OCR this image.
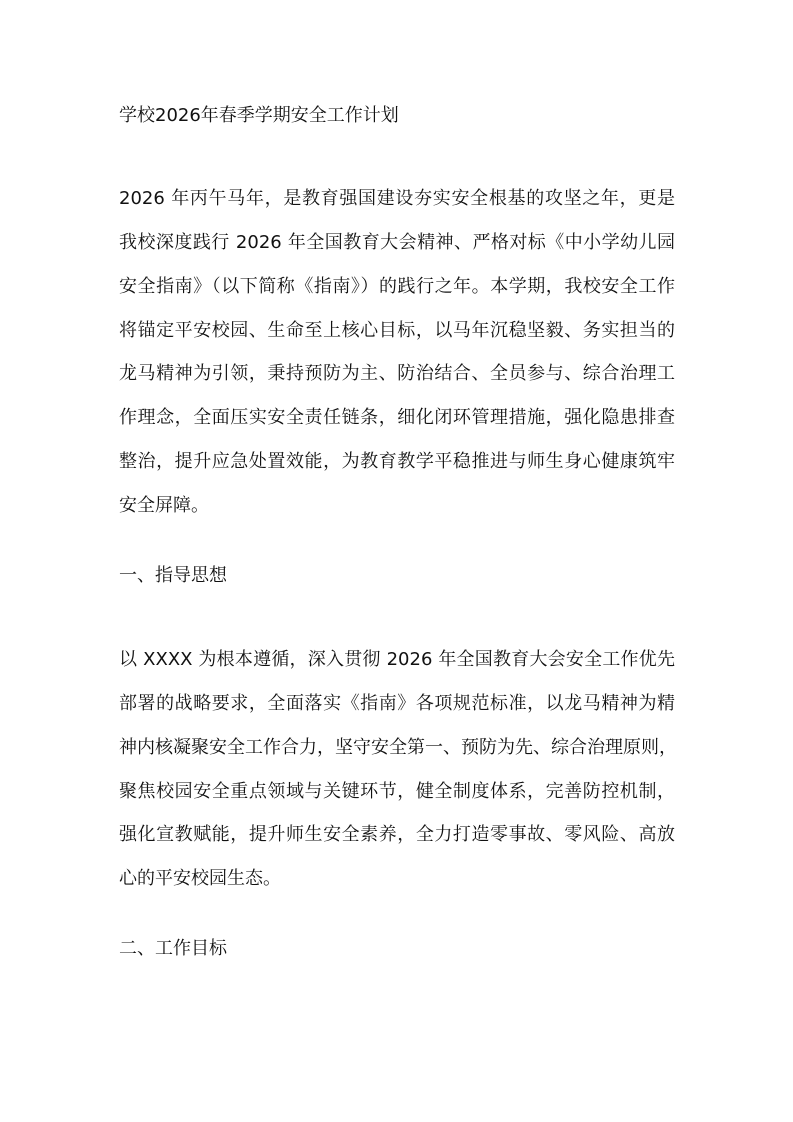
学校2026年春季学期安全工作计划

2026 年丙午马年，是教育强国建设夯实安全根基的攻坚之年，更是

我校深度践行 2026 年全国教育大会精神、严格对标《中小学幼儿园

安全指南》（以下简称《指南》）的践行之年。本学期，我校安全工作

将锚定平安校园、生命至上核心目标，以马年沉稳坚毅、务实担当的

龙马精神为引领，秉持预防为主、防治结合、全员参与、综合治理工

作理念，全面压实安全责任链条，细化闭环管理措施，强化隐患排查

整治，提升应急处置效能，为教育教学平稳推进与师生身心健康筑牢

安全屏障。

一、指导思想

以 XXXX 为根本遵循，深入贯彻 2026 年全国教育大会安全工作优先

部署的战略要求，全面落实《指南》各项规范标准，以龙马精神为精

神内核凝聚安全工作合力，坚守安全第一、预防为先、综合治理原则，

聚焦校园安全重点领域与关键环节，健全制度体系，完善防控机制，

强化宣教赋能，提升师生安全素养，全力打造零事故、零风险、高放

心的平安校园生态。

二、工作目标
